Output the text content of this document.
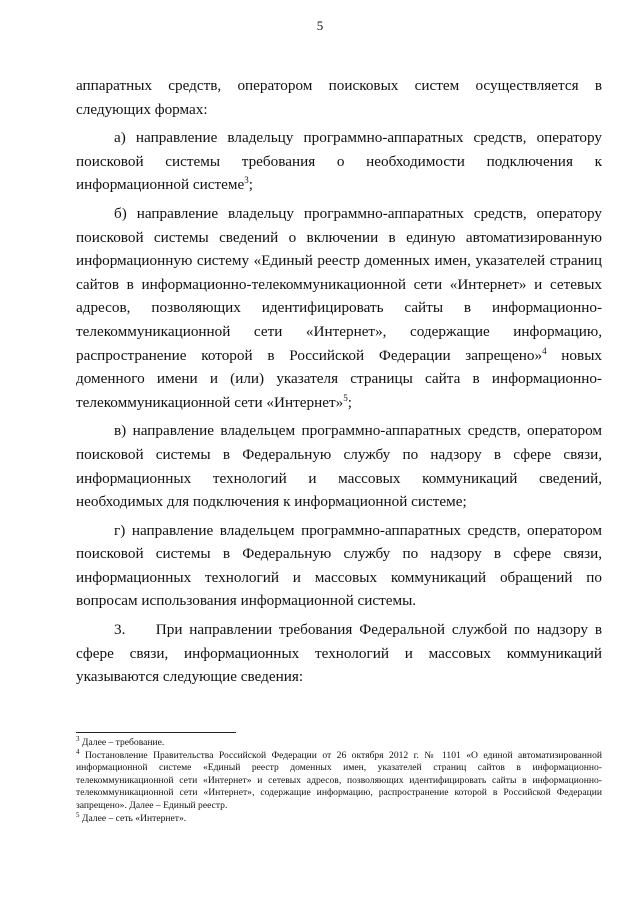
5

аппаратных средств, оператором поисковых систем осуществляется в следующих формах:

а) направление владельцу программно-аппаратных средств, оператору поисковой системы требования о необходимости подключения к информационной системе$^3$;

б) направление владельцу программно-аппаратных средств, оператору поисковой системы сведений о включении в единую автоматизированную информационную систему «Единый реестр доменных имен, указателей страниц сайтов в информационно-телекоммуникационной сети «Интернет» и сетевых адресов, позволяющих идентифицировать сайты в информационно-телекоммуникационной сети «Интернет», содержащие информацию, распространение которой в Российской Федерации запрещено»$^4$ новых доменного имени и (или) указателя страницы сайта в информационно-телекоммуникационной сети «Интернет»$^5$;

в) направление владельцем программно-аппаратных средств, оператором поисковой системы в Федеральную службу по надзору в сфере связи, информационных технологий и массовых коммуникаций сведений, необходимых для подключения к информационной системе;

г) направление владельцем программно-аппаратных средств, оператором поисковой системы в Федеральную службу по надзору в сфере связи, информационных технологий и массовых коммуникаций обращений по вопросам использования информационной системы.

3.  При направлении требования Федеральной службой по надзору в сфере связи, информационных технологий и массовых коммуникаций указываются следующие сведения:

$^3$ Далее – требование.

$^4$ Постановление Правительства Российской Федерации от 26 октября 2012 г. № 1101 «О единой автоматизированной информационной системе «Единый реестр доменных имен, указателей страниц сайтов в информационно-телекоммуникационной сети «Интернет» и сетевых адресов, позволяющих идентифицировать сайты в информационно-телекоммуникационной сети «Интернет», содержащие информацию, распространение которой в Российской Федерации запрещено». Далее – Единый реестр.

$^5$ Далее – сеть «Интернет».
